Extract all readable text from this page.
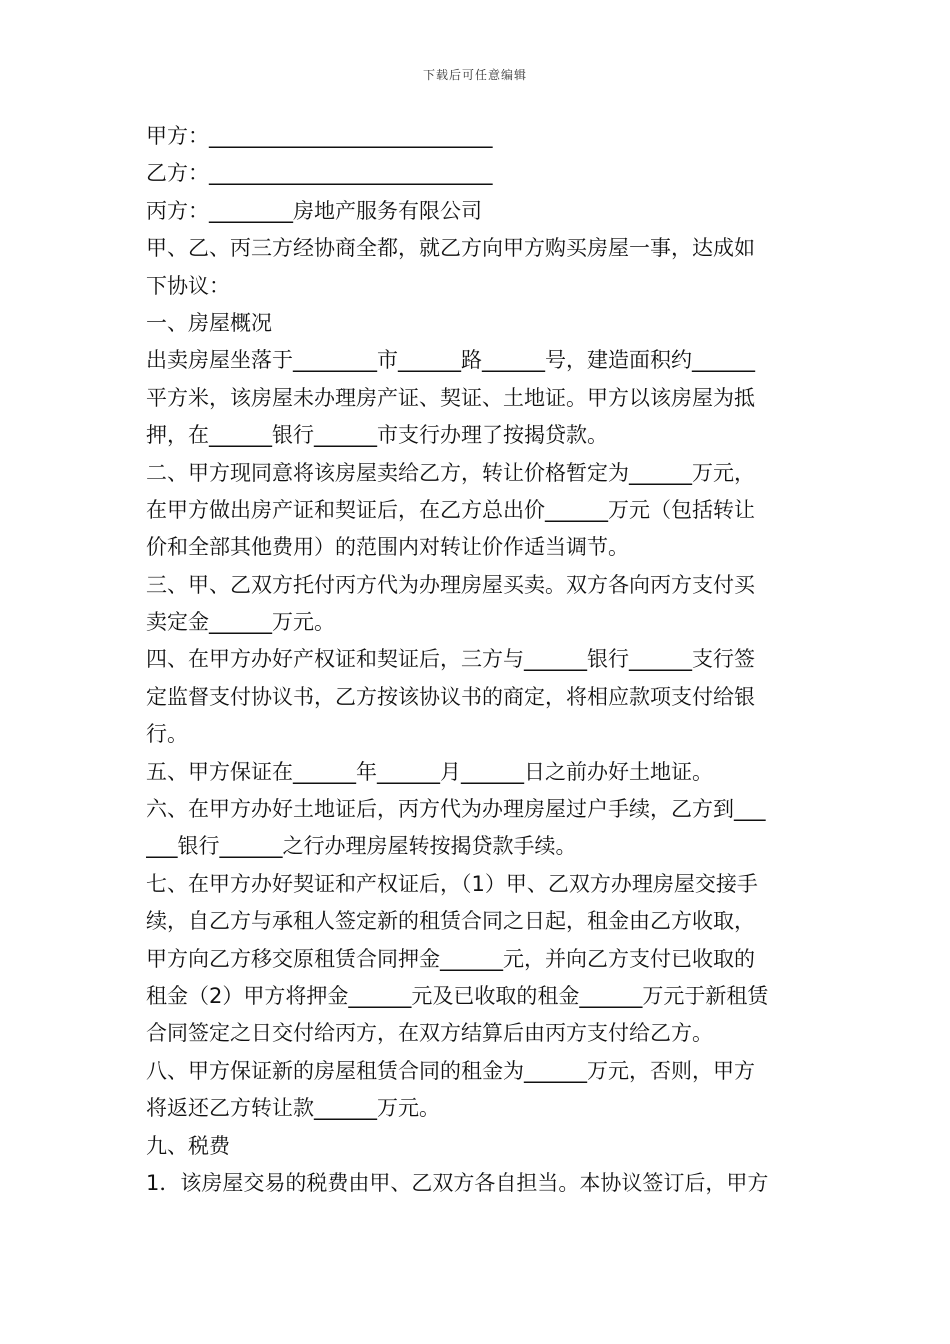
下载后可任意编辑
甲方：___________________________
乙方：___________________________
丙方：________房地产服务有限公司
甲、乙、丙三方经协商全都，就乙方向甲方购买房屋一事，达成如
下协议：
一、房屋概况
出卖房屋坐落于________市______路______号，建造面积约______
平方米，该房屋未办理房产证、契证、土地证。甲方以该房屋为抵
押，在______银行______市支行办理了按揭贷款。
二、甲方现同意将该房屋卖给乙方，转让价格暂定为______万元，
在甲方做出房产证和契证后，在乙方总出价______万元（包括转让
价和全部其他费用）的范围内对转让价作适当调节。
三、甲、乙双方托付丙方代为办理房屋买卖。双方各向丙方支付买
卖定金______万元。
四、在甲方办好产权证和契证后，三方与______银行______支行签
定监督支付协议书，乙方按该协议书的商定，将相应款项支付给银
行。
五、甲方保证在______年______月______日之前办好土地证。
六、在甲方办好土地证后，丙方代为办理房屋过户手续，乙方到___
___银行______之行办理房屋转按揭贷款手续。
七、在甲方办好契证和产权证后，（1）甲、乙双方办理房屋交接手
续，自乙方与承租人签定新的租赁合同之日起，租金由乙方收取，
甲方向乙方移交原租赁合同押金______元，并向乙方支付已收取的
租金（2）甲方将押金______元及已收取的租金______万元于新租赁
合同签定之日交付给丙方，在双方结算后由丙方支付给乙方。
八、甲方保证新的房屋租赁合同的租金为______万元，否则，甲方
将返还乙方转让款______万元。
九、税费
1．该房屋交易的税费由甲、乙双方各自担当。本协议签订后，甲方
